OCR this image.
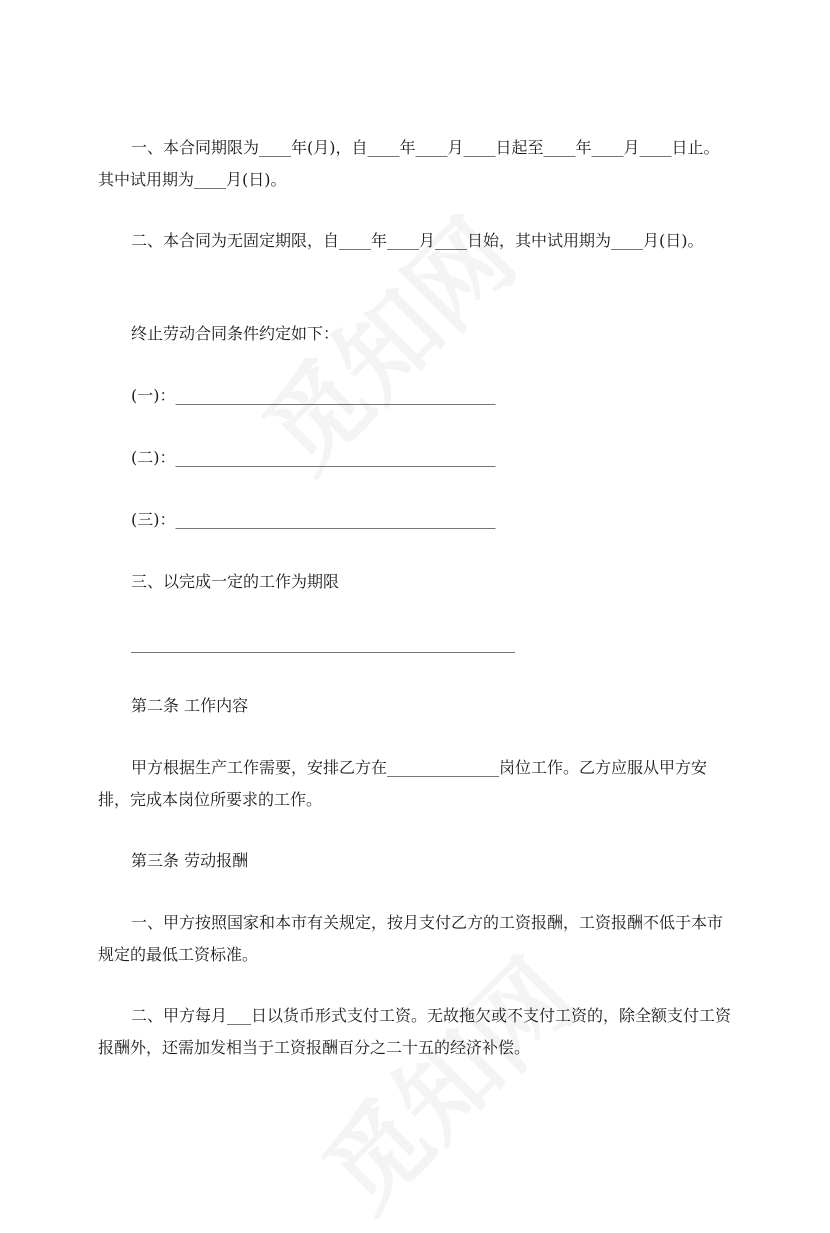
一、本合同期限为____年(月)，自____年____月____日起至____年____月____日止。其中试用期为____月(日)。

二、本合同为无固定期限，自____年____月____日始，其中试用期为____月(日)。

终止劳动合同条件约定如下：

(一)：________________________________________

(二)：________________________________________

(三)：________________________________________

三、以完成一定的工作为期限

________________________________________________

第二条 工作内容

甲方根据生产工作需要，安排乙方在______________岗位工作。乙方应服从甲方安排，完成本岗位所要求的工作。

第三条 劳动报酬

一、甲方按照国家和本市有关规定，按月支付乙方的工资报酬，工资报酬不低于本市规定的最低工资标准。

二、甲方每月___日以货币形式支付工资。无故拖欠或不支付工资的，除全额支付工资报酬外，还需加发相当于工资报酬百分之二十五的经济补偿。
